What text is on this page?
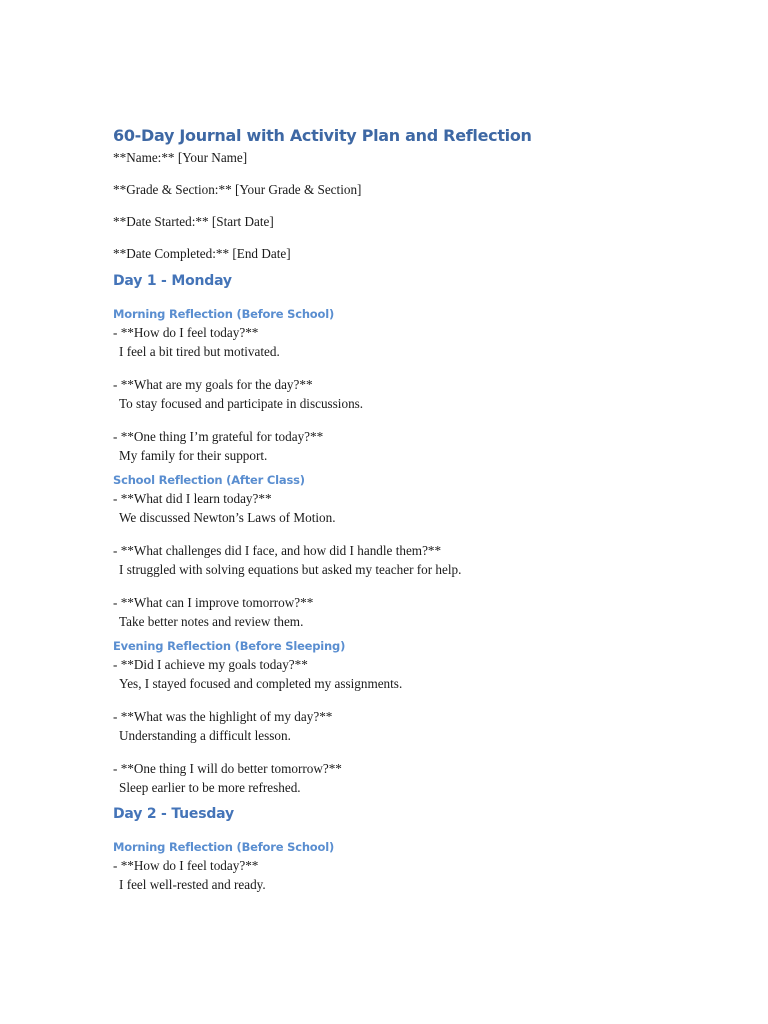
60-Day Journal with Activity Plan and Reflection

**Name:** [Your Name]

**Grade & Section:** [Your Grade & Section]

**Date Started:** [Start Date]

**Date Completed:** [End Date]

Day 1 - Monday
Morning Reflection (Before School)
- **How do I feel today?**
I feel a bit tired but motivated.
- **What are my goals for the day?**
To stay focused and participate in discussions.
- **One thing I’m grateful for today?**
My family for their support.
School Reflection (After Class)
- **What did I learn today?**
We discussed Newton’s Laws of Motion.
- **What challenges did I face, and how did I handle them?**
I struggled with solving equations but asked my teacher for help.
- **What can I improve tomorrow?**
Take better notes and review them.
Evening Reflection (Before Sleeping)
- **Did I achieve my goals today?**
Yes, I stayed focused and completed my assignments.
- **What was the highlight of my day?**
Understanding a difficult lesson.
- **One thing I will do better tomorrow?**
Sleep earlier to be more refreshed.
Day 2 - Tuesday
Morning Reflection (Before School)
- **How do I feel today?**
I feel well-rested and ready.
